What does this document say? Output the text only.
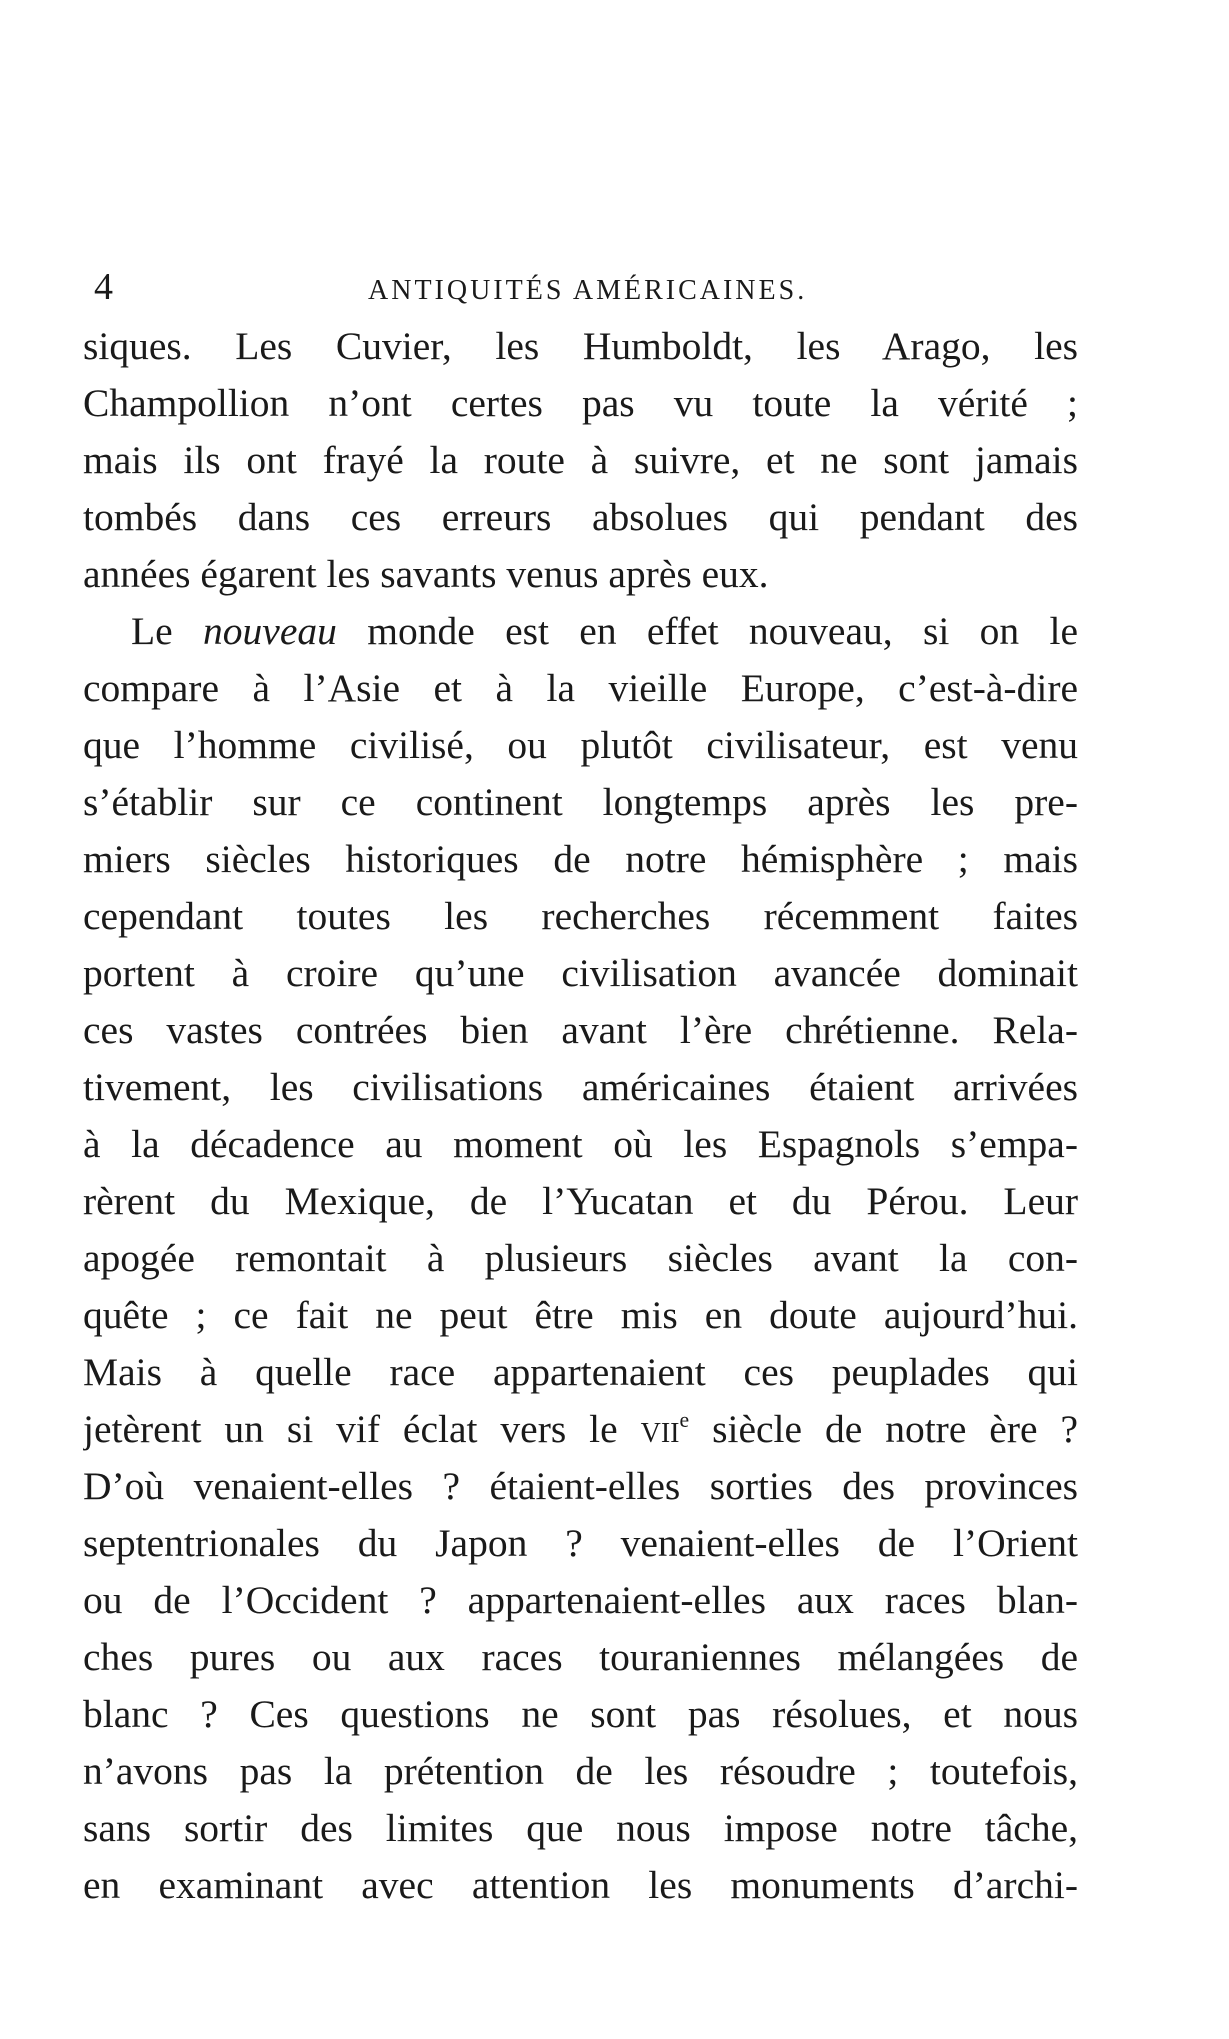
4	ANTIQUITÉS AMÉRICAINES.
siques. Les Cuvier, les Humboldt, les Arago, les
Champollion n’ont certes pas vu toute la vérité ;
mais ils ont frayé la route à suivre, et ne sont jamais
tombés dans ces erreurs absolues qui pendant des
années égarent les savants venus après eux.
Le nouveau monde est en effet nouveau, si on le
compare à l’Asie et à la vieille Europe, c’est-à-dire
que l’homme civilisé, ou plutôt civilisateur, est venu
s’établir sur ce continent longtemps après les pre-
miers siècles historiques de notre hémisphère ; mais
cependant toutes les recherches récemment faites
portent à croire qu’une civilisation avancée dominait
ces vastes contrées bien avant l’ère chrétienne. Rela-
tivement, les civilisations américaines étaient arrivées
à la décadence au moment où les Espagnols s’empa-
rèrent du Mexique, de l’Yucatan et du Pérou. Leur
apogée remontait à plusieurs siècles avant la con-
quête ; ce fait ne peut être mis en doute aujourd’hui.
Mais à quelle race appartenaient ces peuplades qui
jetèrent un si vif éclat vers le vii$^e$ siècle de notre ère ?
D’où venaient-elles ? étaient-elles sorties des provinces
septentrionales du Japon ? venaient-elles de l’Orient
ou de l’Occident ? appartenaient-elles aux races blan-
ches pures ou aux races touraniennes mélangées de
blanc ? Ces questions ne sont pas résolues, et nous
n’avons pas la prétention de les résoudre ; toutefois,
sans sortir des limites que nous impose notre tâche,
en examinant avec attention les monuments d’archi-
